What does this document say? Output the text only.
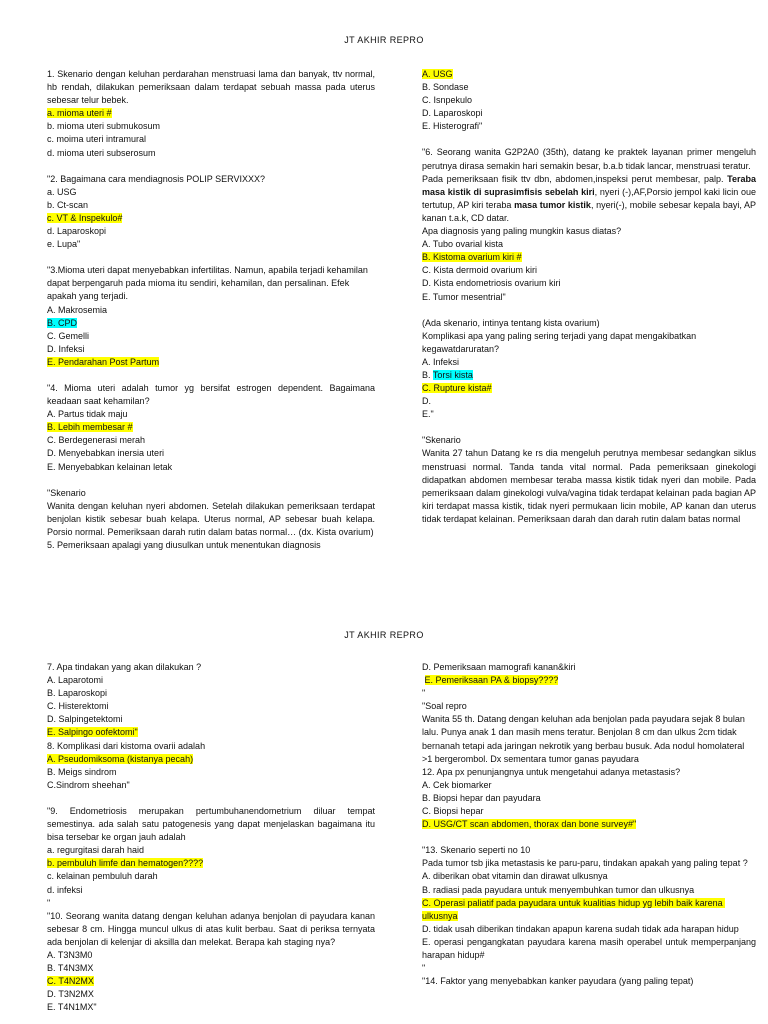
JT AKHIR REPRO

1. Skenario dengan keluhan perdarahan menstruasi lama dan banyak, ttv normal, hb rendah, dilakukan pemeriksaan dalam terdapat sebuah massa pada uterus sebesar telur bebek.

a. mioma uteri #

b. mioma uteri submukosum

c. moima uteri intramural

d. mioma uteri subserosum

"2. Bagaimana cara mendiagnosis POLIP SERVIXXX?

a. USG

b. Ct-scan

c. VT & Inspekulo#

d. Laparoskopi

e. Lupa"

"3.Mioma uteri dapat menyebabkan infertilitas. Namun, apabila terjadi kehamilan dapat berpengaruh pada mioma itu sendiri, kehamilan, dan persalinan. Efek apakah yang terjadi.

A. Makrosemia

B. CPD

C. Gemelli

D. Infeksi

E. Pendarahan Post Partum

"4. Mioma uteri adalah tumor yg bersifat estrogen dependent. Bagaimana keadaan saat kehamilan?

A. Partus tidak maju

B. Lebih membesar #

C. Berdegenerasi merah

D. Menyebabkan inersia uteri

E. Menyebabkan kelainan letak

"Skenario

Wanita dengan keluhan nyeri abdomen. Setelah dilakukan pemeriksaan terdapat benjolan kistik sebesar buah kelapa. Uterus normal, AP sebesar buah kelapa. Porsio normal. Pemeriksaan darah rutin dalam batas normal… (dx. Kista ovarium)

5. Pemeriksaan apalagi yang diusulkan untuk menentukan diagnosis

A. USG

B. Sondase

C. Isnpekulo

D. Laparoskopi

E. Histerografi"

"6. Seorang wanita G2P2A0 (35th), datang ke praktek layanan primer mengeluh perutnya dirasa semakin hari semakin besar, b.a.b tidak lancar, menstruasi teratur.

Pada pemeriksaan fisik ttv dbn, abdomen,inspeksi perut membesar, palp. Teraba masa kistik di suprasimfisis sebelah kiri, nyeri (-),AF,Porsio jempol kaki licin oue tertutup, AP kiri teraba masa tumor kistik, nyeri(-), mobile sebesar kepala bayi, AP kanan t.a.k, CD datar.

Apa diagnosis yang paling mungkin kasus diatas?

A. Tubo ovarial kista

B. Kistoma ovarium kiri #

C. Kista dermoid ovarium kiri

D. Kista endometriosis ovarium kiri

E. Tumor mesentrial"

(Ada skenario, intinya tentang kista ovarium)

Komplikasi apa yang paling sering terjadi yang dapat mengakibatkan kegawatdaruratan?

A. Infeksi

B. Torsi kista

C. Rupture kista#

D.

E."

"Skenario

Wanita 27 tahun Datang ke rs dia mengeluh perutnya membesar sedangkan siklus menstruasi normal. Tanda tanda vital normal. Pada pemeriksaan ginekologi didapatkan abdomen membesar teraba massa kistik tidak nyeri dan mobile. Pada pemeriksaan dalam ginekologi vulva/vagina tidak terdapat kelainan pada bagian AP kiri terdapat massa kistik, tidak nyeri permukaan licin mobile, AP kanan dan uterus tidak terdapat kelainan. Pemeriksaan darah dan darah rutin dalam batas normal

JT AKHIR REPRO

7. Apa tindakan yang akan dilakukan ?

A. Laparotomi

B. Laparoskopi

C. Histerektomi

D. Salpingetektomi

E. Salpingo oofektomi"

8. Komplikasi dari kistoma ovarii adalah

A. Pseudomiksoma (kistanya pecah)

B. Meigs sindrom

C.Sindrom sheehan"

"9. Endometriosis merupakan pertumbuhanendometrium diluar tempat semestinya. ada salah satu patogenesis yang dapat menjelaskan bagaimana itu bisa tersebar ke organ jauh adalah

a. regurgitasi darah haid

b. pembuluh limfe dan hematogen????

c. kelainan pembuluh darah

d. infeksi

"

"10. Seorang wanita datang dengan keluhan adanya benjolan di payudara kanan sebesar 8 cm. Hingga muncul ulkus di atas kulit berbau. Saat di periksa ternyata ada benjolan di kelenjar di aksilla dan melekat. Berapa kah staging nya?

A. T3N3M0

B. T4N3MX

C. T4N2MX

D. T3N2MX

E. T4N1MX"

D. Pemeriksaan mamografi kanan&kiri

E. Pemeriksaan PA & biopsy????

"

"Soal repro

Wanita 55 th. Datang dengan keluhan ada benjolan pada payudara sejak 8 bulan lalu. Punya anak 1 dan masih mens teratur. Benjolan 8 cm dan ulkus 2cm tidak bernanah tetapi ada jaringan nekrotik yang berbau busuk. Ada nodul homolateral >1 bergerombol. Dx sementara tumor ganas payudara

12. Apa px penunjangnya untuk mengetahui adanya metastasis?

A. Cek biomarker

B. Biopsi hepar dan payudara

C. Biopsi hepar

D. USG/CT scan abdomen, thorax dan bone survey#"

"13. Skenario seperti no 10

Pada tumor tsb jika metastasis ke paru-paru, tindakan apakah yang paling tepat ?

A. diberikan obat vitamin dan dirawat ulkusnya

B. radiasi pada payudara untuk menyembuhkan tumor dan ulkusnya

C. Operasi paliatif pada payudara untuk kualitias hidup yg lebih baik karena ulkusnya

D. tidak usah diberikan tindakan apapun karena sudah tidak ada harapan hidup

E. operasi pengangkatan payudara karena masih operabel untuk memperpanjang harapan hidup#

"

"14. Faktor yang menyebabkan kanker payudara (yang paling tepat)
